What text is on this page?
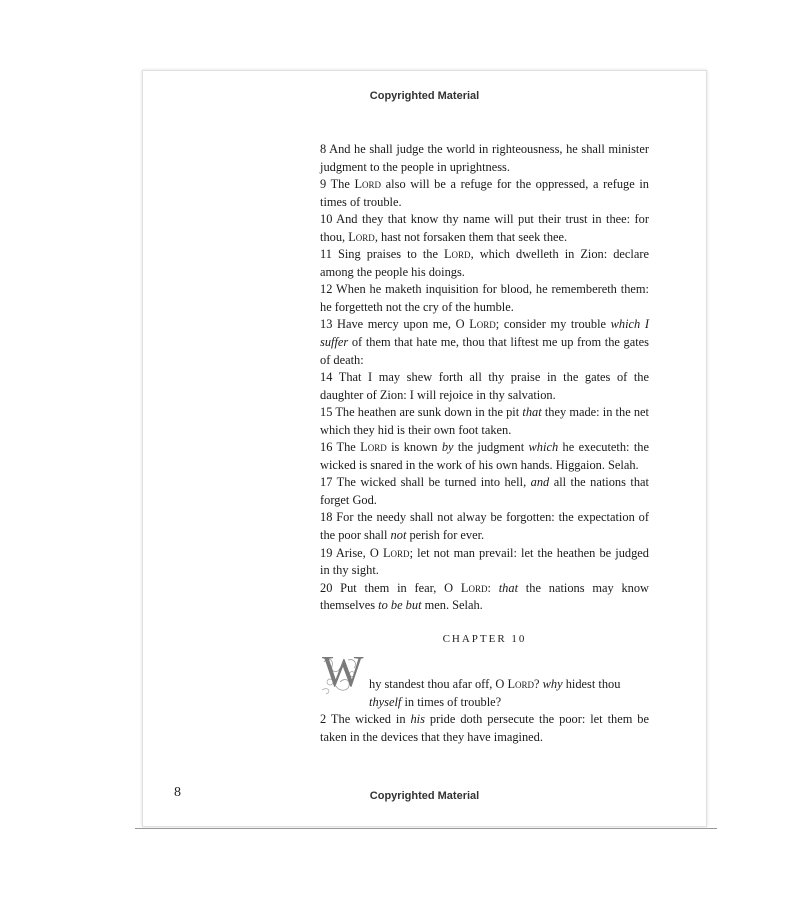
Copyrighted Material

8 And he shall judge the world in righteousness, he shall minister judgment to the people in uprightness.

9 The Lord also will be a refuge for the oppressed, a refuge in times of trouble.

10 And they that know thy name will put their trust in thee: for thou, Lord, hast not forsaken them that seek thee.

11 Sing praises to the Lord, which dwelleth in Zion: declare among the people his doings.

12 When he maketh inquisition for blood, he remembereth them: he forgetteth not the cry of the humble.

13 Have mercy upon me, O Lord; consider my trouble which I suffer of them that hate me, thou that liftest me up from the gates of death:

14 That I may shew forth all thy praise in the gates of the daughter of Zion: I will rejoice in thy salvation.

15 The heathen are sunk down in the pit that they made: in the net which they hid is their own foot taken.

16 The Lord is known by the judgment which he executeth: the wicked is snared in the work of his own hands. Higgaion. Selah.

17 The wicked shall be turned into hell, and all the nations that forget God.

18 For the needy shall not alway be forgotten: the expectation of the poor shall not perish for ever.

19 Arise, O Lord; let not man prevail: let the heathen be judged in thy sight.

20 Put them in fear, O Lord: that the nations may know themselves to be but men. Selah.

CHAPTER 10
W hy standest thou afar off, O Lord? why hidest thou thyself in times of trouble?

2 The wicked in his pride doth persecute the poor: let them be taken in the devices that they have imagined.

8	Copyrighted Material
